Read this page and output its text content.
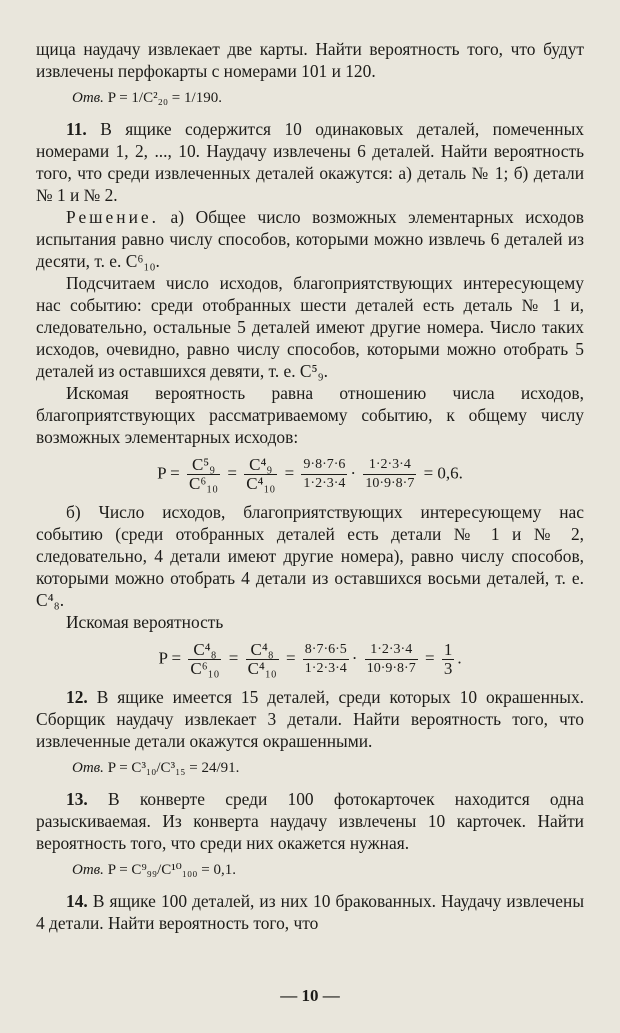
щица наудачу извлекает две карты. Найти вероятность того, что будут извлечены перфокарты с номерами 101 и 120.

Отв. P = 1/C²₂₀ = 1/190.

11. В ящике содержится 10 одинаковых деталей, помеченных номерами 1, 2, ..., 10. Наудачу извлечены 6 деталей. Найти вероятность того, что среди извлеченных деталей окажутся: а) деталь № 1; б) детали № 1 и № 2.

Решение. а) Общее число возможных элементарных исходов испытания равно числу способов, которыми можно извлечь 6 деталей из десяти, т. е. C⁶₁₀.

Подсчитаем число исходов, благоприятствующих интересующему нас событию: среди отобранных шести деталей есть деталь № 1 и, следовательно, остальные 5 деталей имеют другие номера. Число таких исходов, очевидно, равно числу способов, которыми можно отобрать 5 деталей из оставшихся девяти, т. е. C⁵₉.

Искомая вероятность равна отношению числа исходов, благоприятствующих рассматриваемому событию, к общему числу возможных элементарных исходов:

$P = \frac{\text{C⁵₉}}{\text{C⁶₁₀}} = \frac{\text{C⁴₉}}{\text{C⁴₁₀}} = \frac{9\cdot 8\cdot 7\cdot 6}{1\cdot 2\cdot 3\cdot 4} \cdot \frac{1\cdot 2\cdot 3\cdot 4}{10\cdot 9\cdot 8\cdot 7} = 0,6$.

б) Число исходов, благоприятствующих интересующему нас событию (среди отобранных деталей есть детали № 1 и № 2, следовательно, 4 детали имеют другие номера), равно числу способов, которыми можно отобрать 4 детали из оставшихся восьми деталей, т. е. C⁴₈.

Искомая вероятность

$P = \frac{\text{C⁴₈}}{\text{C⁶₁₀}} = \frac{\text{C⁴₈}}{\text{C⁴₁₀}} = \frac{8\cdot 7\cdot 6\cdot 5}{1\cdot 2\cdot 3\cdot 4} \cdot \frac{1\cdot 2\cdot 3\cdot 4}{10\cdot 9\cdot 8\cdot 7} = \frac{1}{3}$ .

12. В ящике имеется 15 деталей, среди которых 10 окрашенных. Сборщик наудачу извлекает 3 детали. Найти вероятность того, что извлеченные детали окажутся окрашенными.

Отв. P = C³₁₀/C³₁₅ = 24/91.

13. В конверте среди 100 фотокарточек находится одна разыскиваемая. Из конверта наудачу извлечены 10 карточек. Найти вероятность того, что среди них окажется нужная.

Отв. P = C⁹₉₉/C¹⁰₁₀₀ = 0,1.

14. В ящике 100 деталей, из них 10 бракованных. Наудачу извлечены 4 детали. Найти вероятность того, что

— 10 —
